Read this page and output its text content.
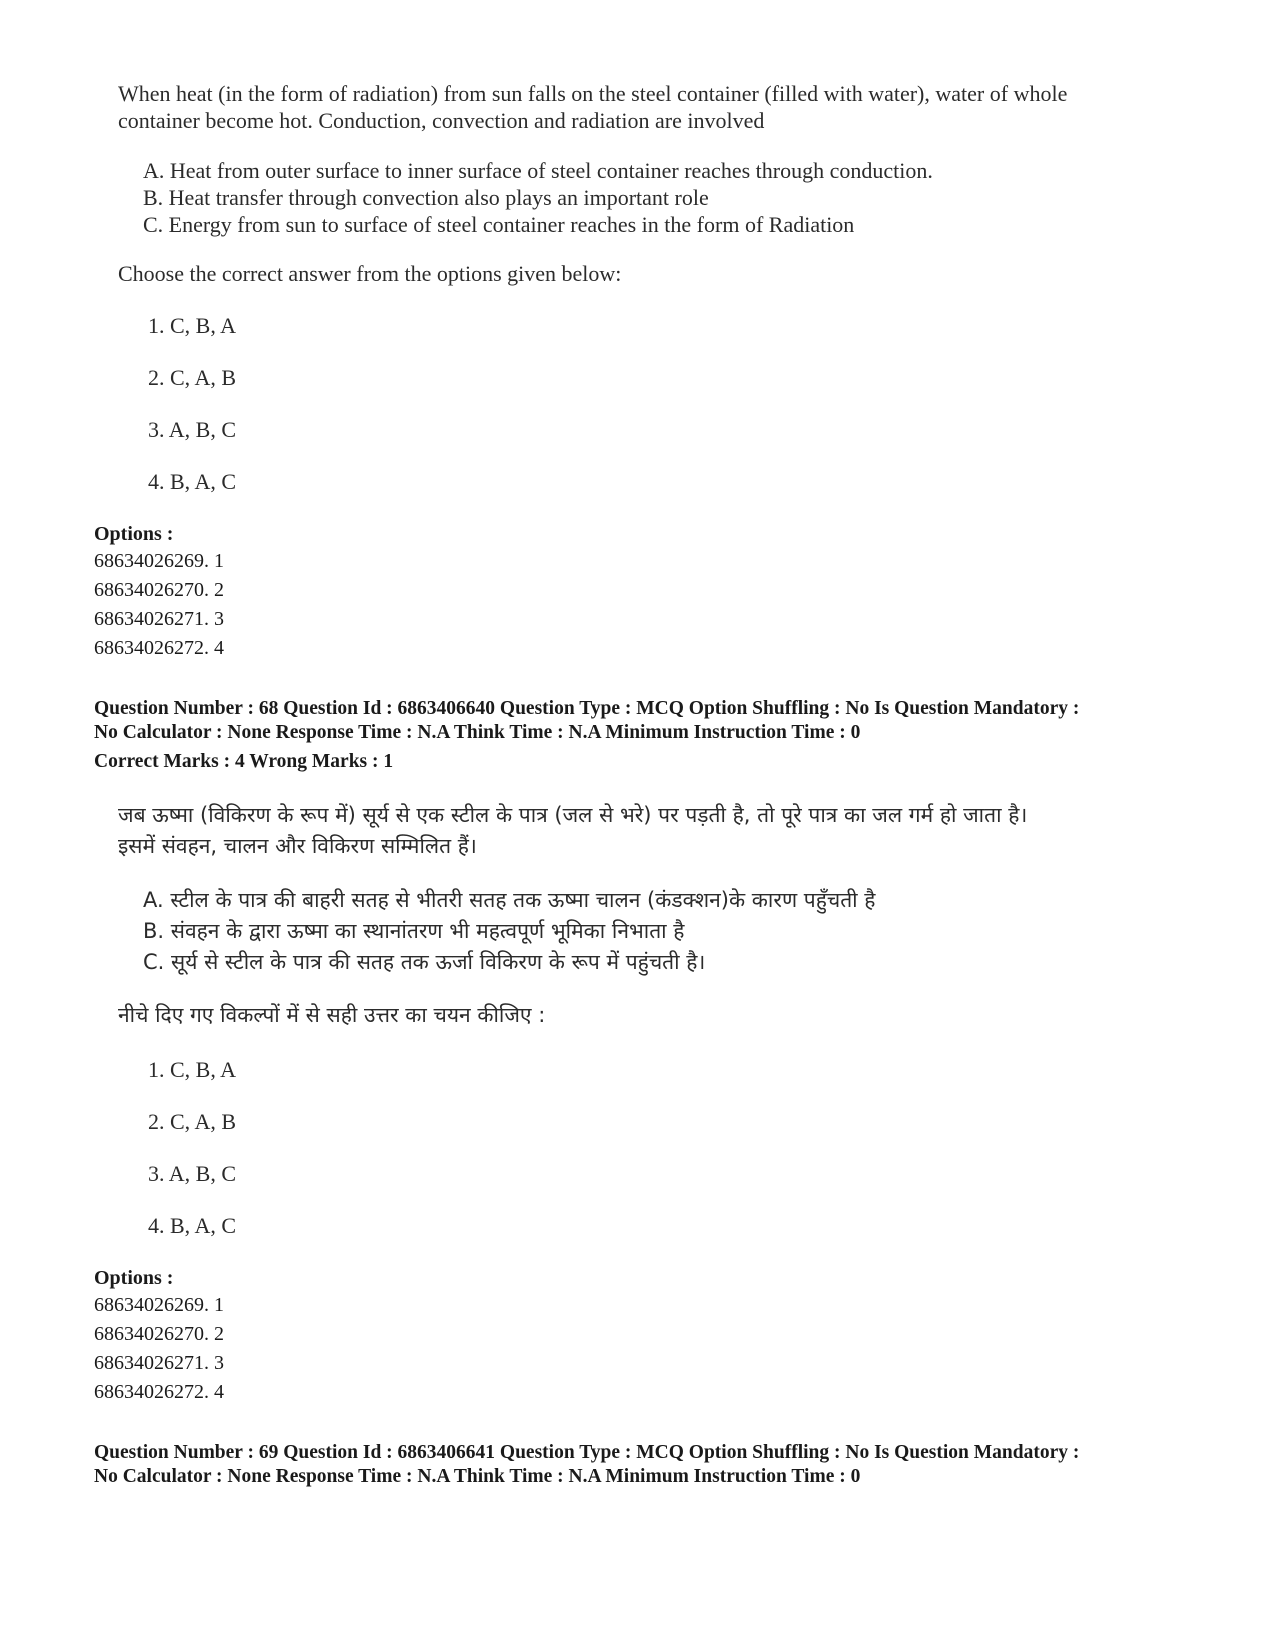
When heat (in the form of radiation) from sun falls on the steel container (filled with water), water of whole
container become hot. Conduction, convection and radiation are involved
A. Heat from outer surface to inner surface of steel container reaches through conduction.
B. Heat transfer through convection also plays an important role
C. Energy from sun to surface of steel container reaches in the form of Radiation
Choose the correct answer from the options given below:
1. C, B, A
2. C, A, B
3. A, B, C
4. B, A, C
Options :
68634026269. 1
68634026270. 2
68634026271. 3
68634026272. 4
Question Number : 68 Question Id : 6863406640 Question Type : MCQ Option Shuffling : No Is Question Mandatory :
No Calculator : None Response Time : N.A Think Time : N.A Minimum Instruction Time : 0
Correct Marks : 4 Wrong Marks : 1
जब ऊष्मा (विकिरण के रूप में) सूर्य से एक स्टील के पात्र (जल से भरे) पर पड़ती है, तो पूरे पात्र का जल गर्म हो जाता है।
इसमें संवहन, चालन और विकिरण सम्मिलित हैं।
A. स्टील के पात्र की बाहरी सतह से भीतरी सतह तक ऊष्मा चालन (कंडक्शन)के कारण पहुँचती है
B. संवहन के द्वारा ऊष्मा का स्थानांतरण भी महत्वपूर्ण भूमिका निभाता है
C. सूर्य से स्टील के पात्र की सतह तक ऊर्जा विकिरण के रूप में पहुंचती है।
नीचे दिए गए विकल्पों में से सही उत्तर का चयन कीजिए :
1. C, B, A
2. C, A, B
3. A, B, C
4. B, A, C
Options :
68634026269. 1
68634026270. 2
68634026271. 3
68634026272. 4
Question Number : 69 Question Id : 6863406641 Question Type : MCQ Option Shuffling : No Is Question Mandatory :
No Calculator : None Response Time : N.A Think Time : N.A Minimum Instruction Time : 0
